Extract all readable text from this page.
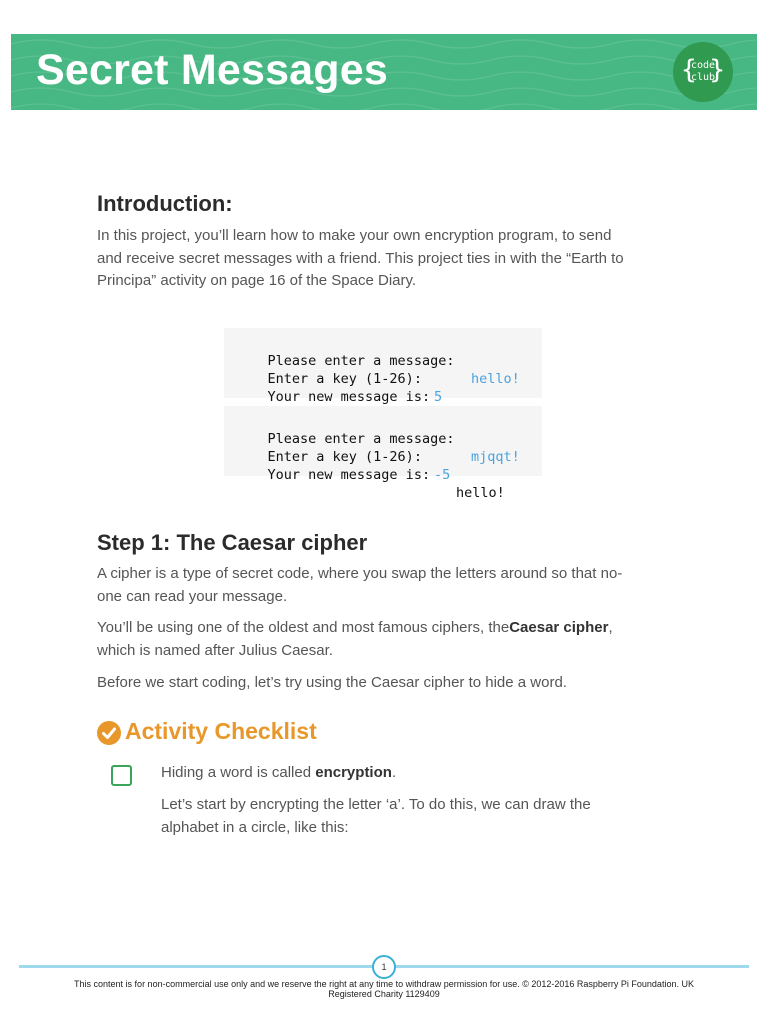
Secret Messages	{
code
club
}
Introduction:
In this project, you’ll learn how to make your own encryption program, to send
and receive secret messages with a friend. This project ties in with the “Earth to
Principa” activity on page 16 of the Space Diary.

Please enter a message:

hello!

Enter a key (1-26):

5

Your new message is:

Please enter a message:

mjqqt!

Enter a key (1-26):

-5

Your new message is:

hello!

Step 1: The Caesar cipher
A cipher is a type of secret code, where you swap the letters around so that no-
one can read your message.
You’ll be using one of the oldest and most famous ciphers, theCaesar cipher,
which is named after Julius Caesar.
Before we start coding, let’s try using the Caesar cipher to hide a word.
Activity Checklist
Hiding a word is called encryption.
Let’s start by encrypting the letter ‘a’. To do this, we can draw the
alphabet in a circle, like this:
1
This content is for non-commercial use only and we reserve the right at any time to withdraw permission for use. © 2012-2016 Raspberry Pi Foundation. UK
Registered Charity 1129409
